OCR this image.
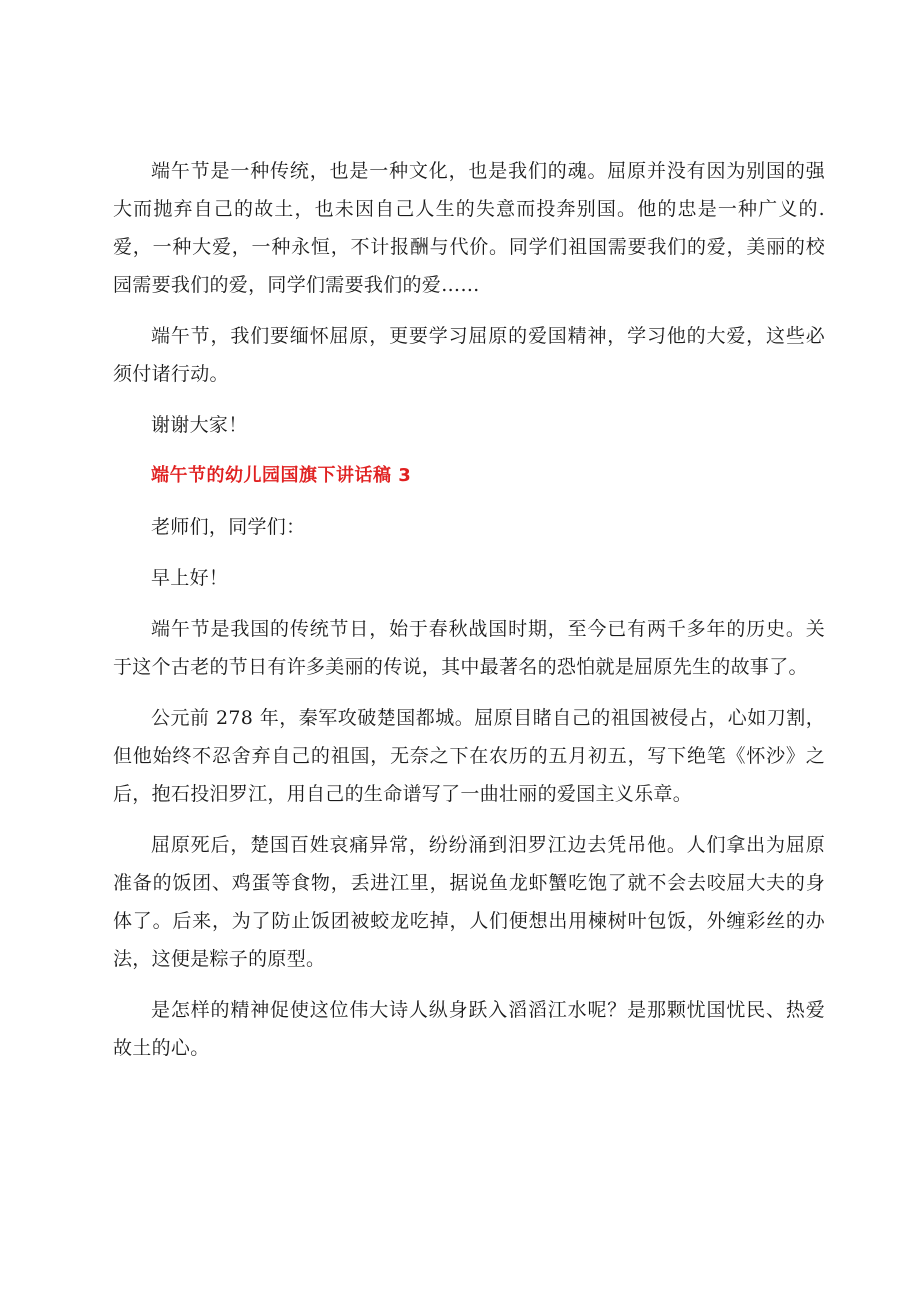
端午节是一种传统，也是一种文化，也是我们的魂。屈原并没有因为别国的强大而抛弃自己的故土，也未因自己人生的失意而投奔别国。他的忠是一种广义的.爱，一种大爱，一种永恒，不计报酬与代价。同学们祖国需要我们的爱，美丽的校园需要我们的爱，同学们需要我们的爱……

端午节，我们要缅怀屈原，更要学习屈原的爱国精神，学习他的大爱，这些必须付诸行动。

谢谢大家！

端午节的幼儿园国旗下讲话稿 3

老师们，同学们：

早上好！

端午节是我国的传统节日，始于春秋战国时期，至今已有两千多年的历史。关于这个古老的节日有许多美丽的传说，其中最著名的恐怕就是屈原先生的故事了。

公元前 278 年，秦军攻破楚国都城。屈原目睹自己的祖国被侵占，心如刀割，但他始终不忍舍弃自己的祖国，无奈之下在农历的五月初五，写下绝笔《怀沙》之后，抱石投汨罗江，用自己的生命谱写了一曲壮丽的爱国主义乐章。

屈原死后，楚国百姓哀痛异常，纷纷涌到汨罗江边去凭吊他。人们拿出为屈原准备的饭团、鸡蛋等食物，丢进江里，据说鱼龙虾蟹吃饱了就不会去咬屈大夫的身体了。后来，为了防止饭团被蛟龙吃掉，人们便想出用楝树叶包饭，外缠彩丝的办法，这便是粽子的原型。

是怎样的精神促使这位伟大诗人纵身跃入滔滔江水呢？是那颗忧国忧民、热爱故土的心。
